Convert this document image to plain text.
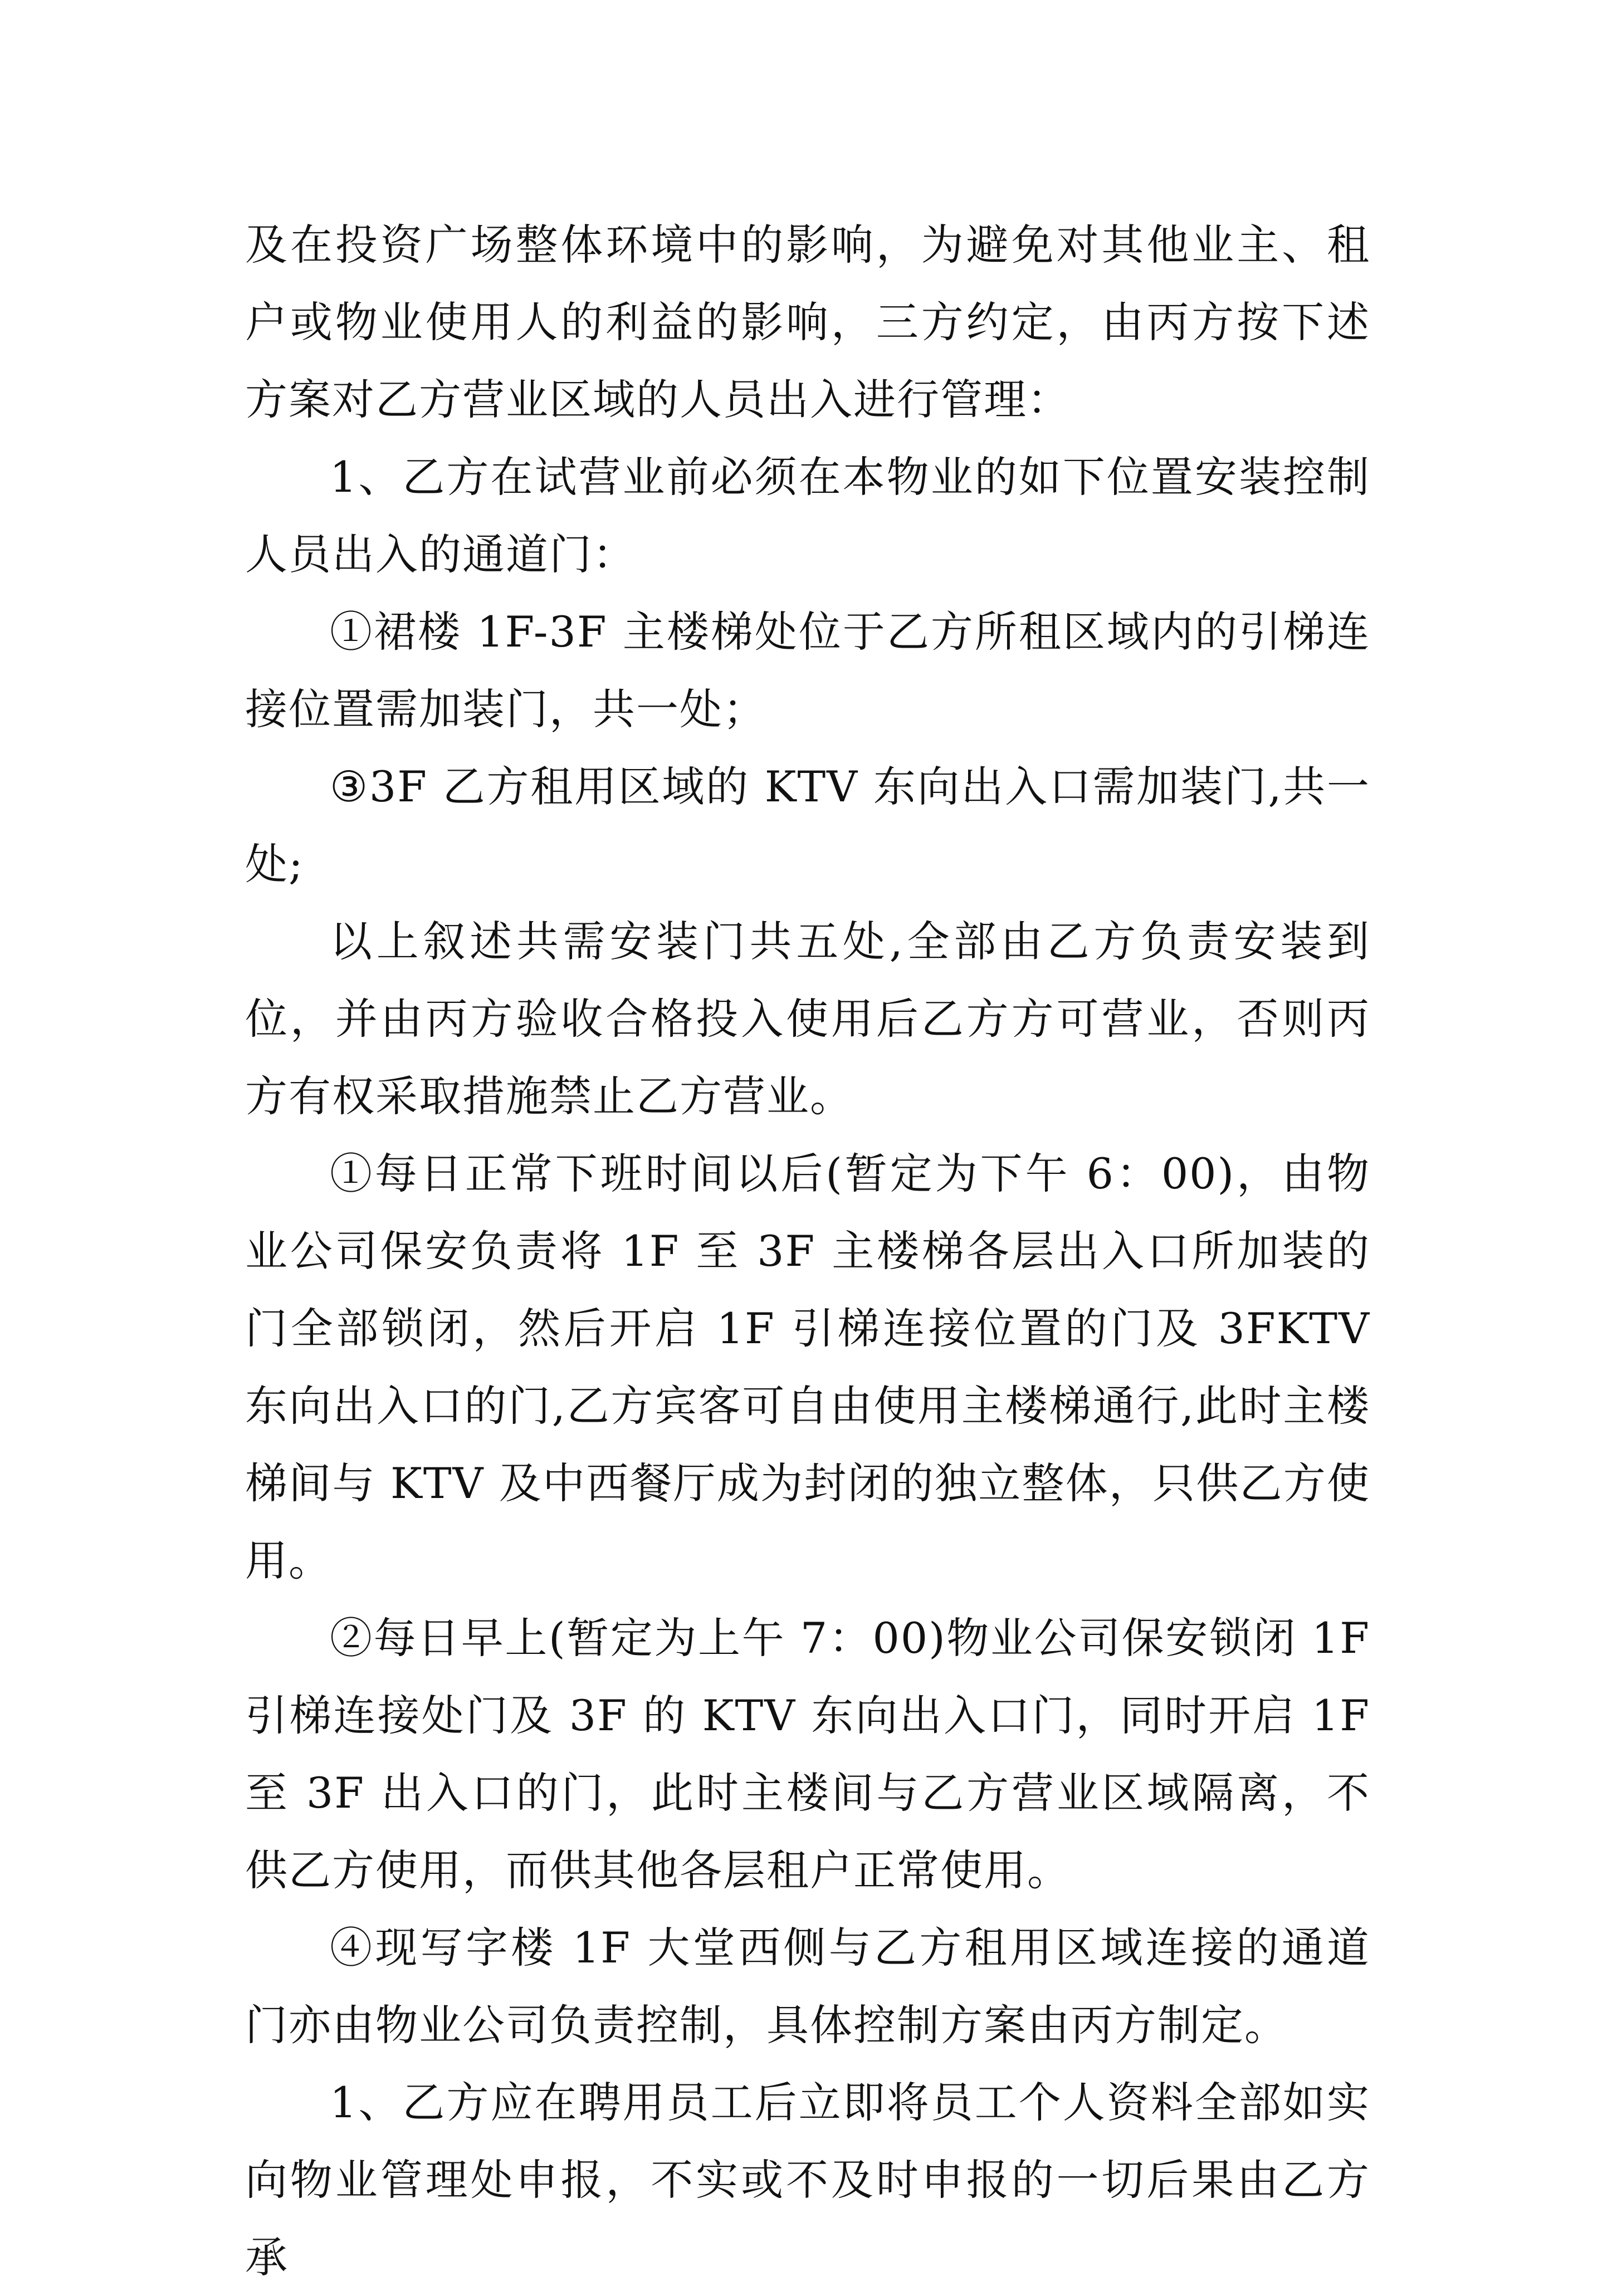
及在投资广场整体环境中的影响，为避免对其他业主、租户或物业使用人的利益的影响，三方约定，由丙方按下述方案对乙方营业区域的人员出入进行管理：

1、乙方在试营业前必须在本物业的如下位置安装控制人员出入的通道门：

①裙楼 1F-3F 主楼梯处位于乙方所租区域内的引梯连接位置需加装门，共一处；

③3F 乙方租用区域的 KTV 东向出入口需加装门,共一处;

以上叙述共需安装门共五处,全部由乙方负责安装到位，并由丙方验收合格投入使用后乙方方可营业，否则丙方有权采取措施禁止乙方营业。

①每日正常下班时间以后(暂定为下午 6：00)，由物业公司保安负责将 1F 至 3F 主楼梯各层出入口所加装的门全部锁闭，然后开启 1F 引梯连接位置的门及 3FKTV 东向出入口的门,乙方宾客可自由使用主楼梯通行,此时主楼梯间与 KTV 及中西餐厅成为封闭的独立整体，只供乙方使用。

②每日早上(暂定为上午 7：00)物业公司保安锁闭 1F 引梯连接处门及 3F 的 KTV 东向出入口门，同时开启 1F 至 3F 出入口的门，此时主楼间与乙方营业区域隔离，不供乙方使用，而供其他各层租户正常使用。

④现写字楼 1F 大堂西侧与乙方租用区域连接的通道门亦由物业公司负责控制，具体控制方案由丙方制定。

1、乙方应在聘用员工后立即将员工个人资料全部如实向物业管理处申报，不实或不及时申报的一切后果由乙方承
